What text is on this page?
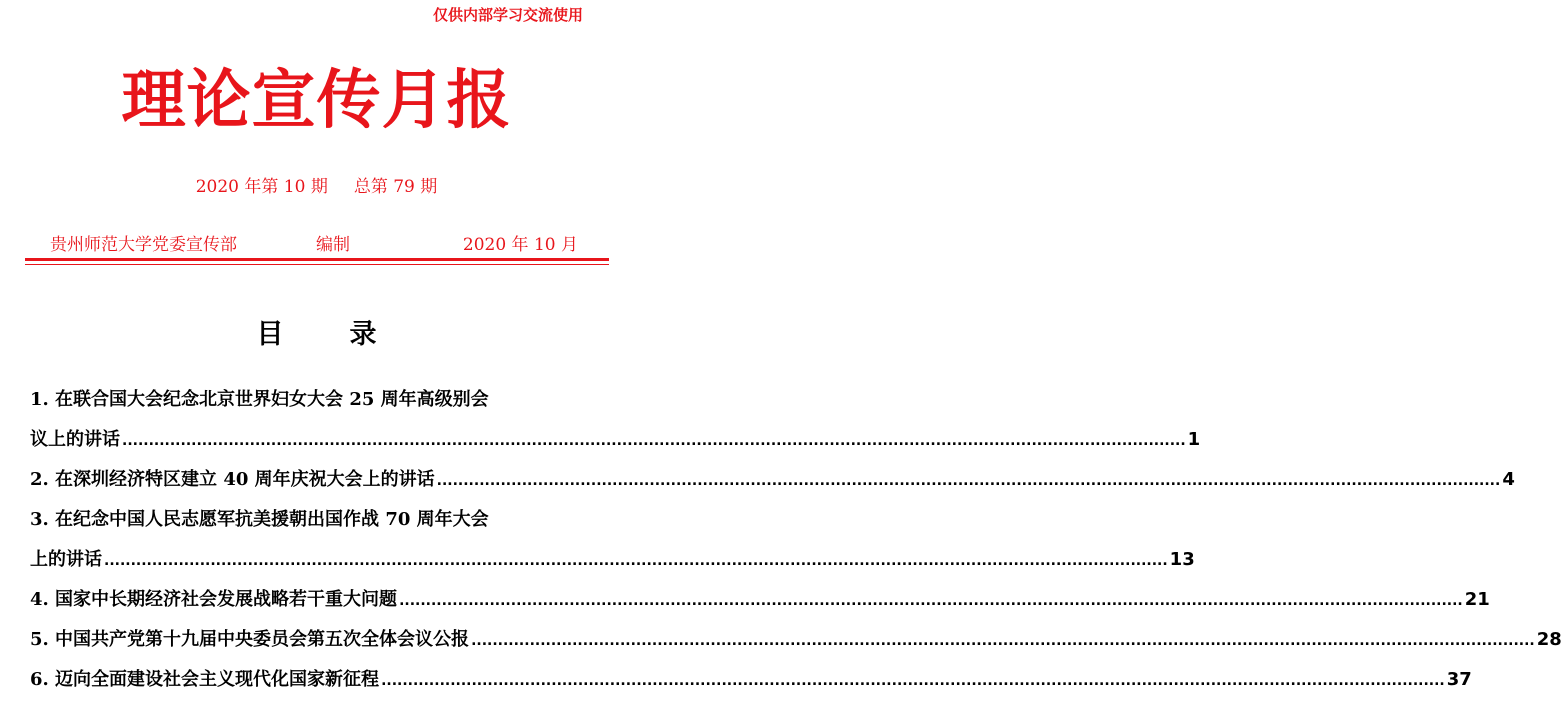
仅供内部学习交流使用
理论宣传月报
2020 年第 10 期 总第 79 期
贵州师范大学党委宣传部	编制	2020 年 10 月
目 录
1. 在联合国大会纪念北京世界妇女大会 25 周年高级别会
议上的讲话 ........................................................................................................................................................................................................ 1
2. 在深圳经济特区建立 40 周年庆祝大会上的讲话 ........................................................................................................................................................................................................ 4
3. 在纪念中国人民志愿军抗美援朝出国作战 70 周年大会
上的讲话 ........................................................................................................................................................................................................ 13
4. 国家中长期经济社会发展战略若干重大问题 ........................................................................................................................................................................................................ 21
5. 中国共产党第十九届中央委员会第五次全体会议公报 ........................................................................................................................................................................................................ 28
6. 迈向全面建设社会主义现代化国家新征程 ........................................................................................................................................................................................................ 37
